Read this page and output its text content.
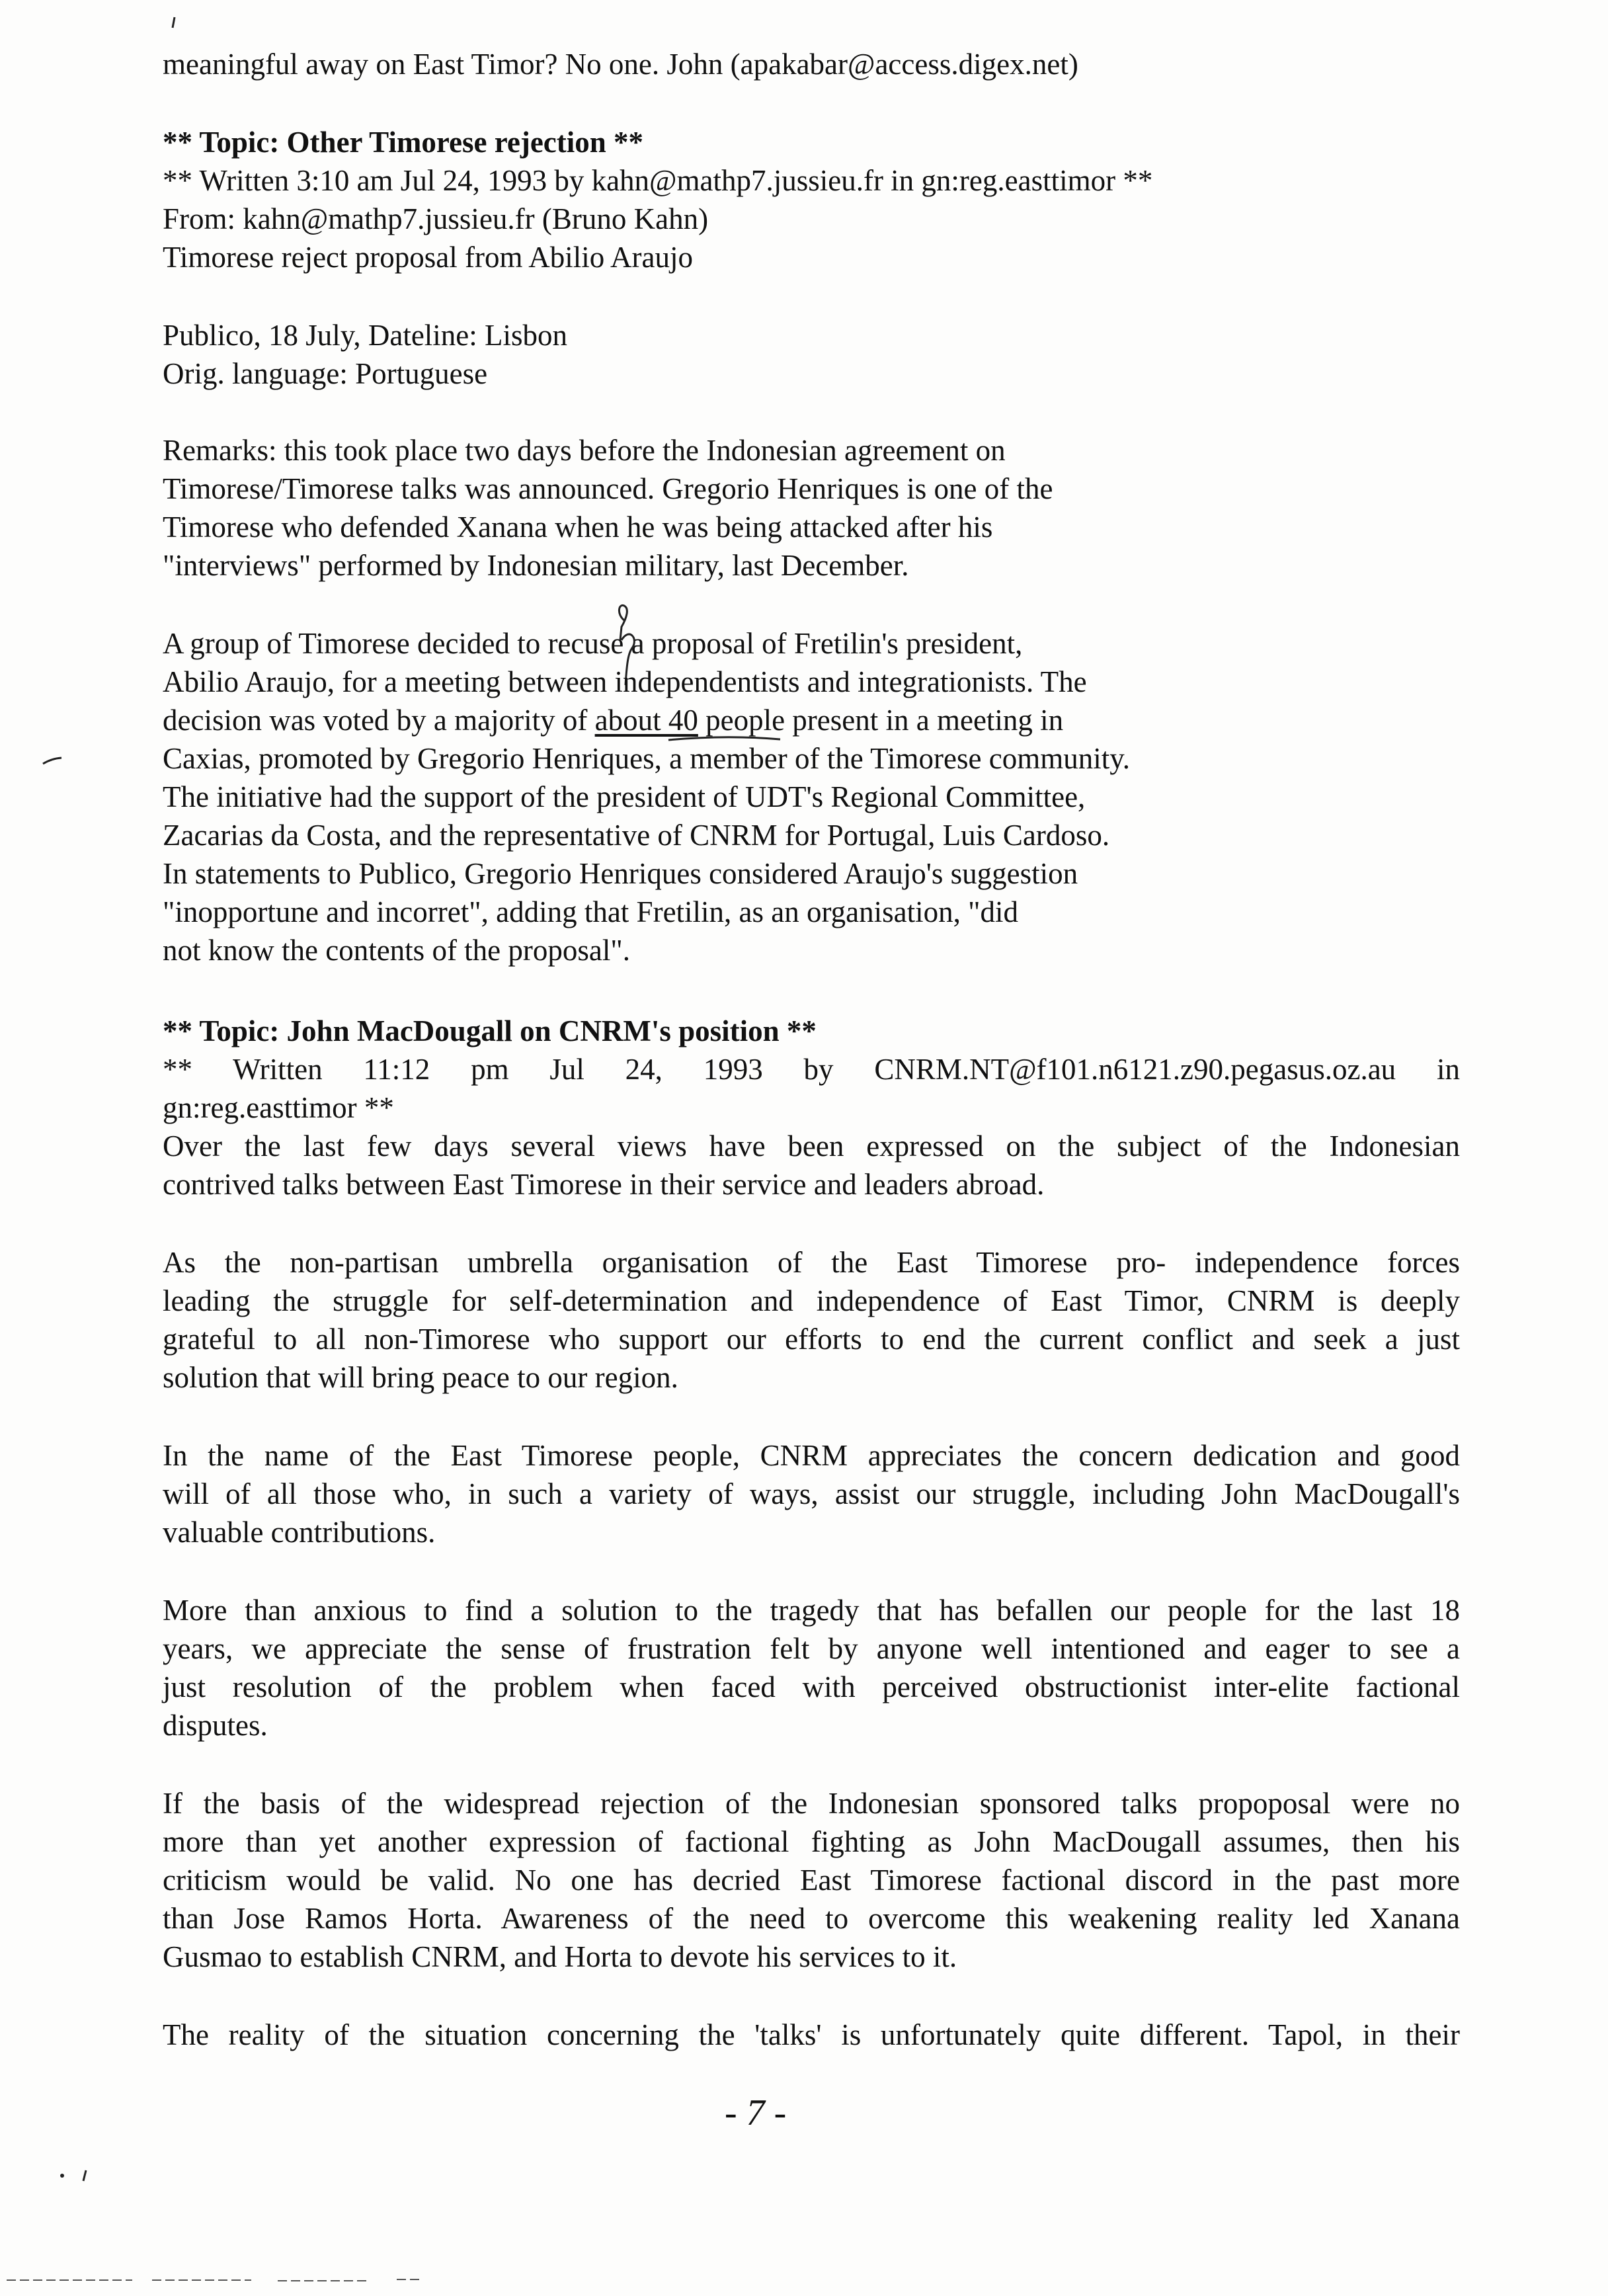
meaningful away on East Timor? No one. John (apakabar@access.digex.net)

** Topic: Other Timorese rejection **

** Written 3:10 am Jul 24, 1993 by kahn@mathp7.jussieu.fr in gn:reg.easttimor **

From: kahn@mathp7.jussieu.fr (Bruno Kahn)

Timorese reject proposal from Abilio Araujo

Publico, 18 July, Dateline: Lisbon

Orig. language: Portuguese

Remarks: this took place two days before the Indonesian agreement on

Timorese/Timorese talks was announced. Gregorio Henriques is one of the

Timorese who defended Xanana when he was being attacked after his

"interviews" performed by Indonesian military, last December.

A group of Timorese decided to recuse a proposal of Fretilin's president,

Abilio Araujo, for a meeting between independentists and integrationists. The

decision was voted by a majority of about 40 people present in a meeting in

Caxias, promoted by Gregorio Henriques, a member of the Timorese community.

The initiative had the support of the president of UDT's Regional Committee,

Zacarias da Costa, and the representative of CNRM for Portugal, Luis Cardoso.

In statements to Publico, Gregorio Henriques considered Araujo's suggestion

"inopportune and incorret", adding that Fretilin, as an organisation, "did

not know the contents of the proposal".

** Topic: John MacDougall on CNRM's position **

** Written 11:12 pm Jul 24, 1993 by CNRM.NT@f101.n6121.z90.pegasus.oz.au in

gn:reg.easttimor **

Over the last few days several views have been expressed on the subject of the Indonesian

contrived talks between East Timorese in their service and leaders abroad.

As the non-partisan umbrella organisation of the East Timorese pro- independence forces

leading the struggle for self-determination and independence of East Timor, CNRM is deeply

grateful to all non-Timorese who support our efforts to end the current conflict and seek a just

solution that will bring peace to our region.

In the name of the East Timorese people, CNRM appreciates the concern dedication and good

will of all those who, in such a variety of ways, assist our struggle, including John MacDougall's

valuable contributions.

More than anxious to find a solution to the tragedy that has befallen our people for the last 18

years, we appreciate the sense of frustration felt by anyone well intentioned and eager to see a

just resolution of the problem when faced with perceived obstructionist inter-elite factional

disputes.

If the basis of the widespread rejection of the Indonesian sponsored talks propoposal were no

more than yet another expression of factional fighting as John MacDougall assumes, then his

criticism would be valid. No one has decried East Timorese factional discord in the past more

than Jose Ramos Horta. Awareness of the need to overcome this weakening reality led Xanana

Gusmao to establish CNRM, and Horta to devote his services to it.

The reality of the situation concerning the 'talks' is unfortunately quite different. Tapol, in their

- 7 -
